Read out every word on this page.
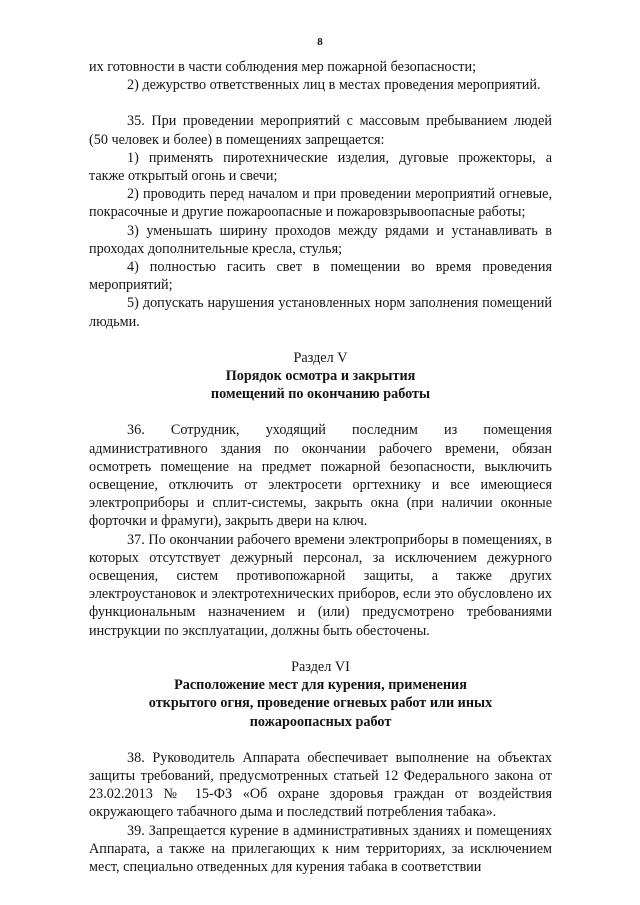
8

их готовности в части соблюдения мер пожарной безопасности;

2) дежурство ответственных лиц в местах проведения мероприятий.

35. При проведении мероприятий с массовым пребыванием людей (50 человек и более) в помещениях запрещается:

1) применять пиротехнические изделия, дуговые прожекторы, а также открытый огонь и свечи;

2) проводить перед началом и при проведении мероприятий огневые, покрасочные и другие пожароопасные и пожаровзрывоопасные работы;

3) уменьшать ширину проходов между рядами и устанавливать в проходах дополнительные кресла, стулья;

4) полностью гасить свет в помещении во время проведения мероприятий;

5) допускать нарушения установленных норм заполнения помещений людьми.

Раздел V

Порядок осмотра и закрытия

помещений по окончанию работы

36. Сотрудник, уходящий последним из помещения административного здания по окончании рабочего времени, обязан осмотреть помещение на предмет пожарной безопасности, выключить освещение, отключить от электросети оргтехнику и все имеющиеся электроприборы и сплит-системы, закрыть окна (при наличии оконные форточки и фрамуги), закрыть двери на ключ.

37. По окончании рабочего времени электроприборы в помещениях, в которых отсутствует дежурный персонал, за исключением дежурного освещения, систем противопожарной защиты, а также других электроустановок и электротехнических приборов, если это обусловлено их функциональным назначением и (или) предусмотрено требованиями инструкции по эксплуатации, должны быть обесточены.

Раздел VI

Расположение мест для курения, применения

открытого огня, проведение огневых работ или иных

пожароопасных работ

38. Руководитель Аппарата обеспечивает выполнение на объектах защиты требований, предусмотренных статьей 12 Федерального закона от 23.02.2013 № 15-ФЗ «Об охране здоровья граждан от воздействия окружающего табачного дыма и последствий потребления табака».

39. Запрещается курение в административных зданиях и помещениях Аппарата, а также на прилегающих к ним территориях, за исключением мест, специально отведенных для курения табака в соответствии
